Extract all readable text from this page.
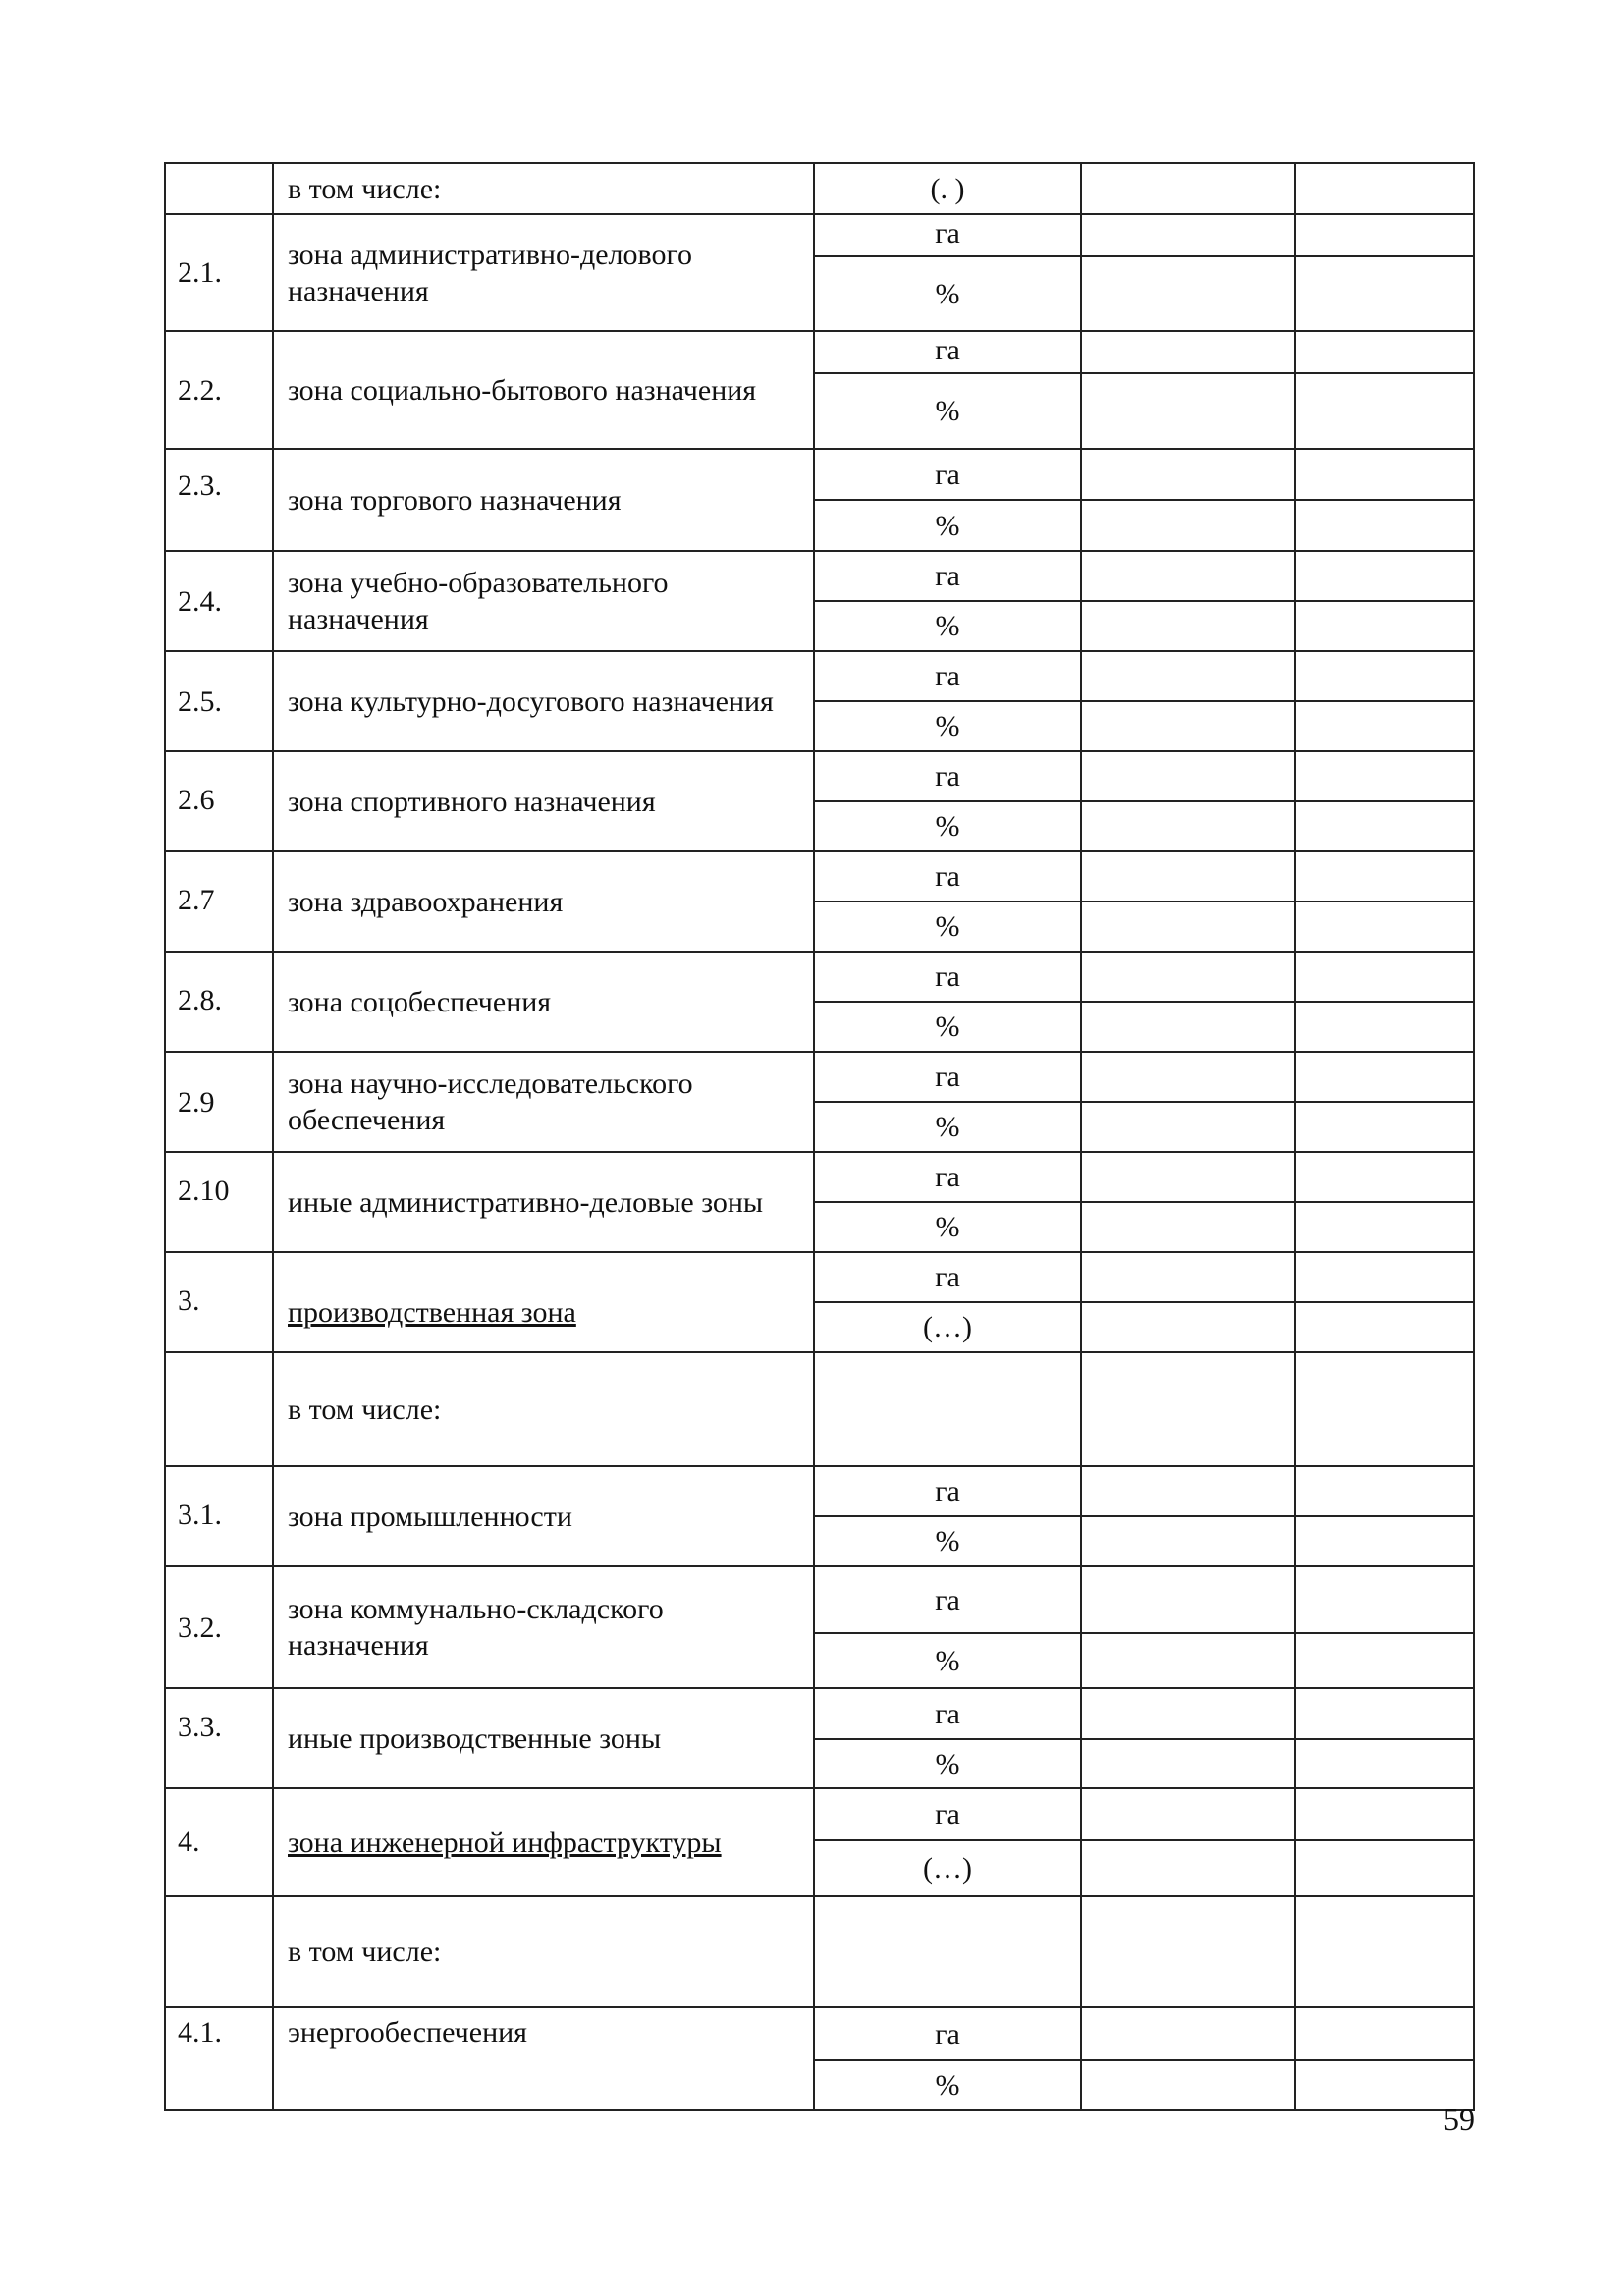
	в том числе:	(. )		
2.1.	зона административно-делового назначения	га		
		%		
2.2.	зона социально-бытового назначения	га		
		%		
2.3.	зона торгового назначения	га		
		%		
2.4.	зона учебно-образовательного назначения	га		
		%		
2.5.	зона культурно-досугового назначения	га		
		%		
2.6	зона спортивного назначения	га		
		%		
2.7	зона здравоохранения	га		
		%		
2.8.	зона соцобеспечения	га		
		%		
2.9	зона научно-исследовательского обеспечения	га		
		%		
2.10	иные административно-деловые зоны	га		
		%		
3.	производственная зона	га		
		(…)		
	в том числе:			
3.1.	зона промышленности	га		
		%		
3.2.	зона коммунально-складского назначения	га		
		%		
3.3.	иные производственные зоны	га		
		%		
4.	зона инженерной инфраструктуры	га		
		(…)		
	в том числе:			
4.1.	энергообеспечения	га		
		%		
59
